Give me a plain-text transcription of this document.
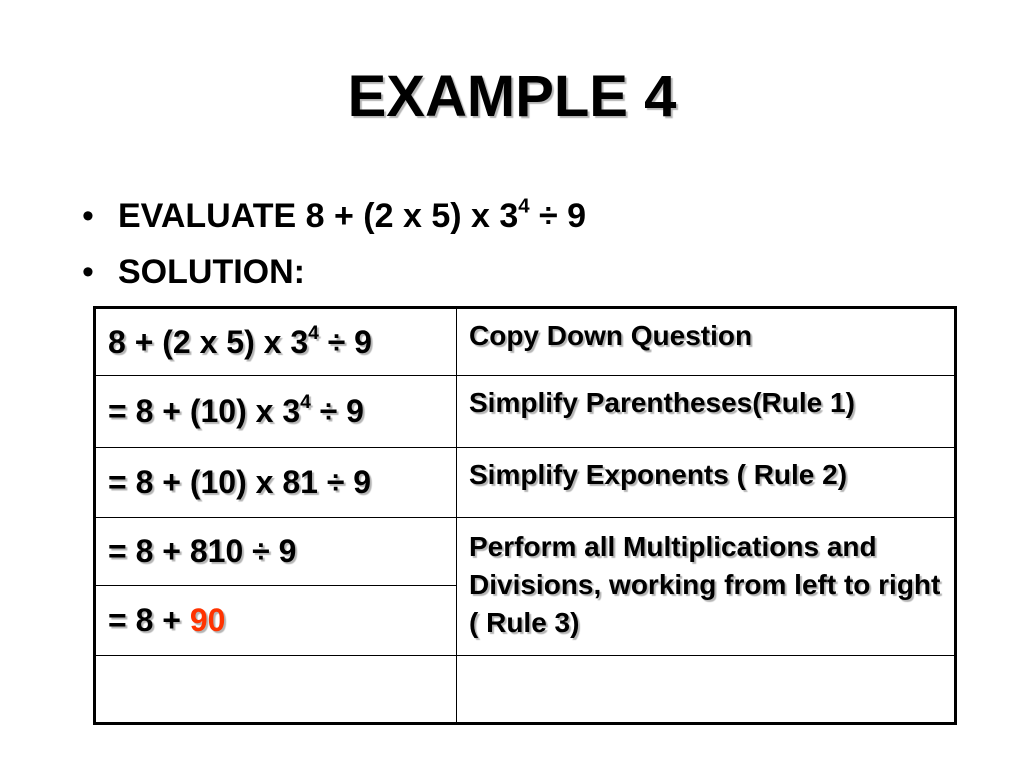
EXAMPLE 4
• EVALUATE 8 + (2 x 5) x $3^4 \div 9$
• SOLUTION:
8 + (2 x 5) x $3^4 \div 9$	Copy Down Question
= 8 + (10) x $3^4 \div 9$	Simplify Parentheses(Rule 1)
= 8 + (10) x 81 ÷ 9	Simplify Exponents ( Rule 2)
= 8 + 810 ÷ 9	Perform all Multiplications and Divisions, working from left to right ( Rule 3)
= 8 + 90	
